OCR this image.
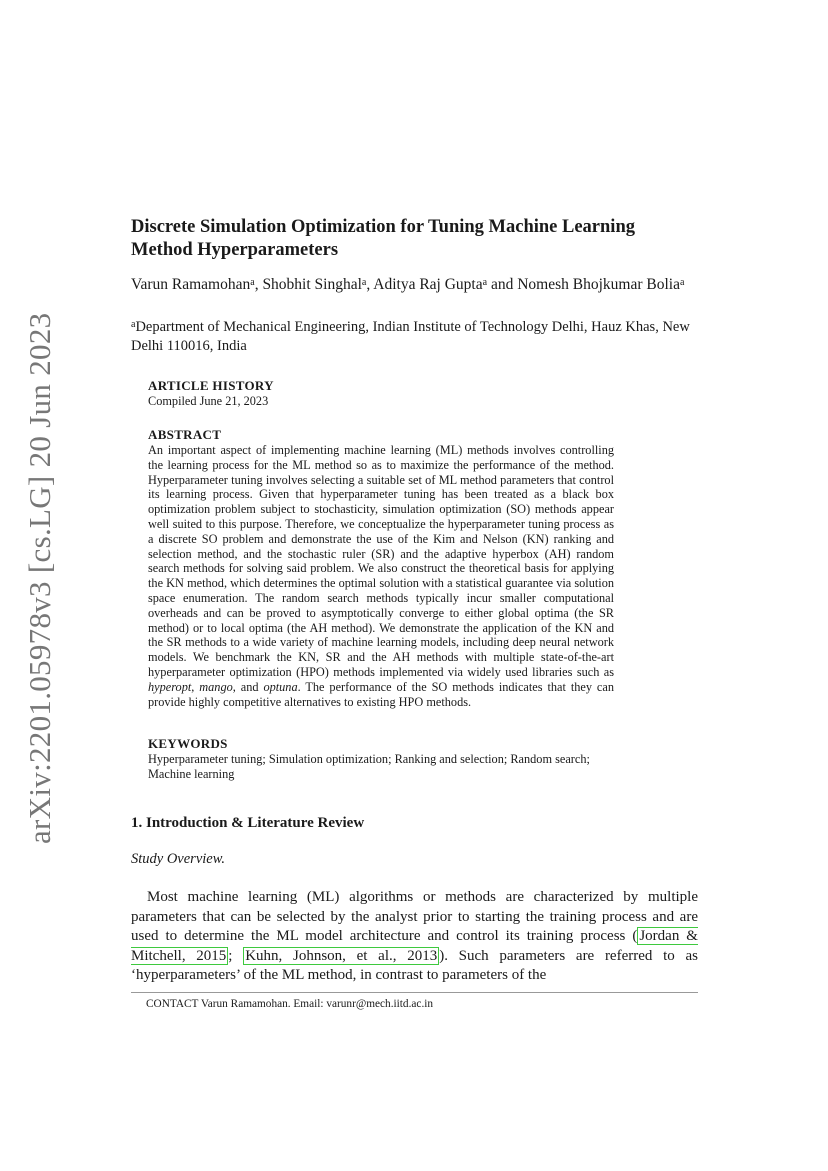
arXiv:2201.05978v3 [cs.LG] 20 Jun 2023
Discrete Simulation Optimization for Tuning Machine Learning Method Hyperparameters

Varun Ramamohan$^a$, Shobhit Singhal$^a$, Aditya Raj Gupta$^a$ and Nomesh Bhojkumar Bolia$^a$

$^a$Department of Mechanical Engineering, Indian Institute of Technology Delhi, Hauz Khas, New Delhi 110016, India

ARTICLE HISTORY

Compiled June 21, 2023

ABSTRACT

An important aspect of implementing machine learning (ML) methods involves controlling the learning process for the ML method so as to maximize the performance of the method. Hyperparameter tuning involves selecting a suitable set of ML method parameters that control its learning process. Given that hyperparameter tuning has been treated as a black box optimization problem subject to stochasticity, simulation optimization (SO) methods appear well suited to this purpose. Therefore, we conceptualize the hyperparameter tuning process as a discrete SO problem and demonstrate the use of the Kim and Nelson (KN) ranking and selection method, and the stochastic ruler (SR) and the adaptive hyperbox (AH) random search methods for solving said problem. We also construct the theoretical basis for applying the KN method, which determines the optimal solution with a statistical guarantee via solution space enumeration. The random search methods typically incur smaller computational overheads and can be proved to asymptotically converge to either global optima (the SR method) or to local optima (the AH method). We demonstrate the application of the KN and the SR methods to a wide variety of machine learning models, including deep neural network models. We benchmark the KN, SR and the AH methods with multiple state-of-the-art hyperparameter optimization (HPO) methods implemented via widely used libraries such as hyperopt, mango, and optuna. The performance of the SO methods indicates that they can provide highly competitive alternatives to existing HPO methods.

KEYWORDS

Hyperparameter tuning; Simulation optimization; Ranking and selection; Random search; Machine learning

1. Introduction & Literature Review

Study Overview.

Most machine learning (ML) algorithms or methods are characterized by multiple parameters that can be selected by the analyst prior to starting the training process and are used to determine the ML model architecture and control its training process ( Jordan & Mitchell, 2015 ; Kuhn, Johnson, et al., 2013 ). Such parameters are referred to as ‘hyperparameters’ of the ML method, in contrast to parameters of the

CONTACT Varun Ramamohan. Email: varunr@mech.iitd.ac.in
